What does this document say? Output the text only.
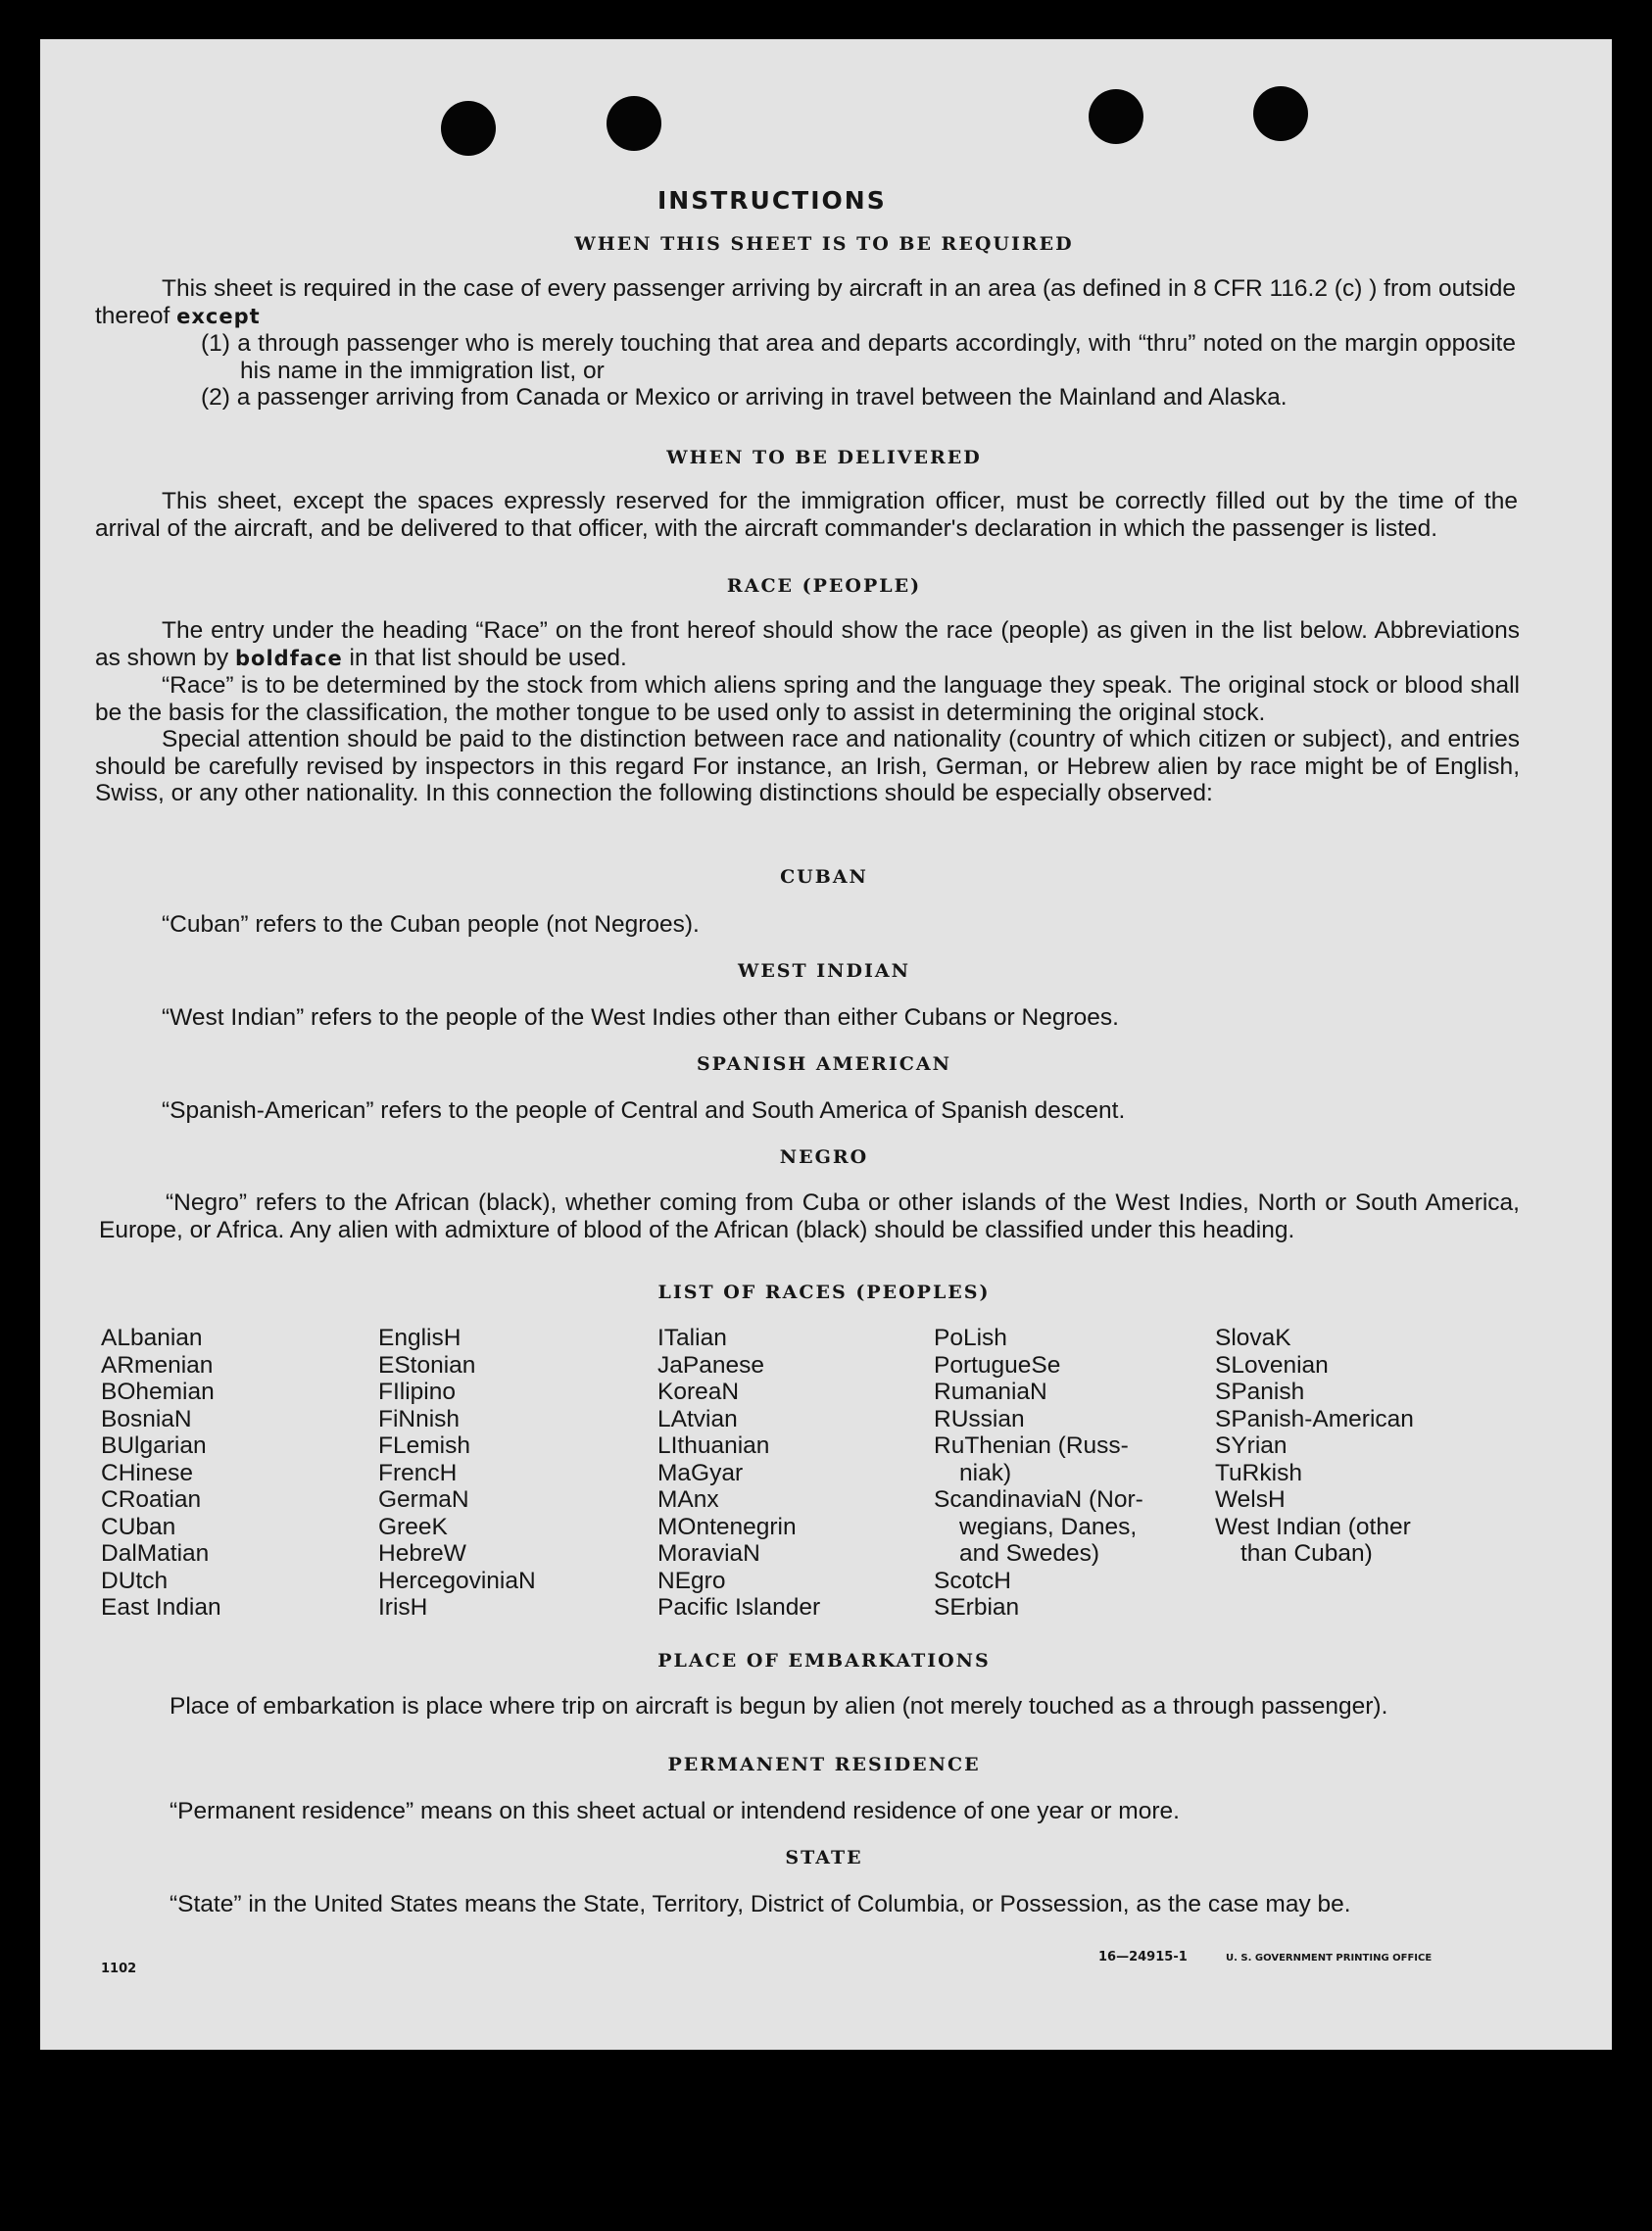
INSTRUCTIONS
WHEN THIS SHEET IS TO BE REQUIRED

This sheet is required in the case of every passenger arriving by aircraft in an area (as defined in 8 CFR 116.2 (c) ) from outside thereof except

(1) a through passenger who is merely touching that area and departs accordingly, with “thru” noted on the margin opposite his name in the immigration list, or

(2) a passenger arriving from Canada or Mexico or arriving in travel between the Mainland and Alaska.

WHEN TO BE DELIVERED

This sheet, except the spaces expressly reserved for the immigration officer, must be correctly filled out by the time of the arrival of the aircraft, and be delivered to that officer, with the aircraft commander's declaration in which the passenger is listed.

RACE (PEOPLE)

The entry under the heading “Race” on the front hereof should show the race (people) as given in the list below. Abbreviations as shown by boldface in that list should be used.

“Race” is to be determined by the stock from which aliens spring and the language they speak. The original stock or blood shall be the basis for the classification, the mother tongue to be used only to assist in determining the original stock.

Special attention should be paid to the distinction between race and nationality (country of which citizen or subject), and entries should be carefully revised by inspectors in this regard For instance, an Irish, German, or Hebrew alien by race might be of English, Swiss, or any other nationality. In this connection the following distinctions should be especially observed:

CUBAN
“Cuban” refers to the Cuban people (not Negroes).
WEST INDIAN
“West Indian” refers to the people of the West Indies other than either Cubans or Negroes.
SPANISH AMERICAN
“Spanish-American” refers to the people of Central and South America of Spanish descent.
NEGRO

“Negro” refers to the African (black), whether coming from Cuba or other islands of the West Indies, North or South America, Europe, or Africa. Any alien with admixture of blood of the African (black) should be classified under this heading.

LIST OF RACES (PEOPLES)
ALbanian
ARmenian
BOhemian
BosniaN
BUlgarian
CHinese
CRoatian
CUban
DalMatian
DUtch
East Indian
EnglisH
EStonian
FIlipino
FiNnish
FLemish
FrencH
GermaN
GreeK
HebreW
HercegoviniaN
IrisH
ITalian
JaPanese
KoreaN
LAtvian
LIthuanian
MaGyar
MAnx
MOntenegrin
MoraviaN
NEgro
Pacific Islander
PoLish
PortugueSe
RumaniaN
RUssian
RuThenian (Russ-
niak)
ScandinaviaN (Nor-
wegians, Danes,
and Swedes)
ScotcH
SErbian
SlovaK
SLovenian
SPanish
SPanish-American
SYrian
TuRkish
WelsH
West Indian (other
than Cuban)
PLACE OF EMBARKATIONS

Place of embarkation is place where trip on aircraft is begun by alien (not merely touched as a through passenger).

PERMANENT RESIDENCE
“Permanent residence” means on this sheet actual or intendend residence of one year or more.
STATE

“State” in the United States means the State, Territory, District of Columbia, or Possession, as the case may be.

1102
16—24915-1	U. S. GOVERNMENT PRINTING OFFICE
